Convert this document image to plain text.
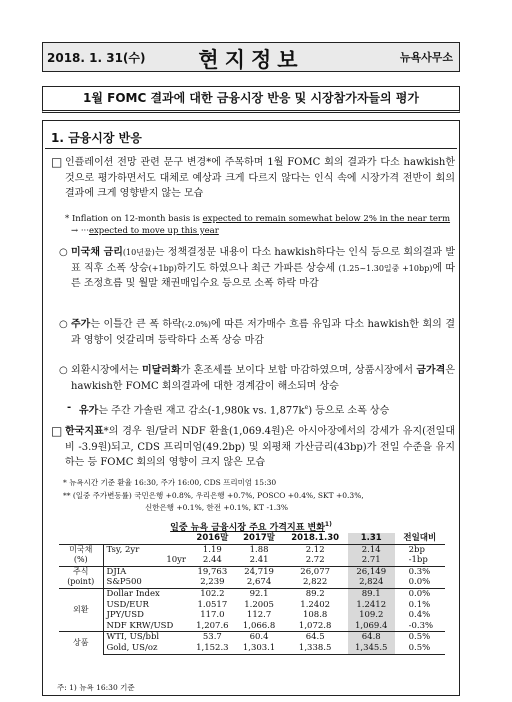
2018. 1. 31(수)	현지정보	뉴욕사무소
1월 FOMC 결과에 대한 금융시장 반응 및 시장참가자들의 평가
1. 금융시장 반응
□ 인플레이션 전망 관련 문구 변경*에 주목하며 1월 FOMC 회의 결과가 다소 hawkish한 것으로 평가하면서도 대체로 예상과 크게 다르지 않다는 인식 속에 시장가격 전반이 회의결과에 크게 영향받지 않는 모습
* Inflation on 12-month basis is expected to remain somewhat below 2% in the near term
→ ···expected to move up this year
○ 미국채 금리(10년물)는 정책결정문 내용이 다소 hawkish하다는 인식 등으로 회의결과 발표 직후 소폭 상승(+1bp)하기도 하였으나 최근 가파른 상승세 (1.25~1.30일중 +10bp)에 따른 조정흐름 및 월말 채권매입수요 등으로 소폭 하락 마감
○ 주가는 이틀간 큰 폭 하락(-2.0%)에 따른 저가매수 흐름 유입과 다소 hawkish한 회의 결과 영향이 엇갈리며 등락하다 소폭 상승 마감
○ 외환시장에서는 미달러화가 혼조세를 보이다 보합 마감하였으며, 상품시장에서 금가격은 hawkish한 FOMC 회의결과에 대한 경계감이 해소되며 상승
- 유가는 주간 가솔린 재고 감소(-1,980k vs. $1,877k^e$) 등으로 소폭 상승
□ 한국지표*의 경우 원/달러 NDF 환율(1,069.4원)은 아시아장에서의 강세가 유지(전일대비 -3.9원)되고, CDS 프리미엄(49.2bp) 및 외평채 가산금리(43bp)가 전일 수준을 유지하는 등 FOMC 회의의 영향이 크지 않은 모습
* 뉴욕시간 기준 환율 16:30, 주가 16:00, CDS 프리미엄 15:30
** (일중 주가변동률) 국민은행 +0.8%, 우리은행 +0.7%, POSCO +0.4%, SKT +0.3%,
신한은행 +0.1%, 한전 +0.1%, KT -1.3%
일중 뉴욕 금융시장 주요 가격지표 변화$^{1)}$
		2016말	2017말	2018.1.30	1.31	전일대비

미국채
(%)	Tsy, 2yr	1.19	1.88	2.12	2.14	2bp
	10yr	2.44	2.41	2.72	2.71	-1bp

주식
(point)	DJIA	19,763	24,719	26,077	26,149	0.3%
	S&P500	2,239	2,674	2,822	2,824	0.0%

외환	Dollar Index	102.2	92.1	89.2	89.1	0.0%
	USD/EUR	1.0517	1.2005	1.2402	1.2412	0.1%
	JPY/USD	117.0	112.7	108.8	109.2	0.4%
	NDF KRW/USD	1,207.6	1,066.8	1,072.8	1,069.4	-0.3%

상품	WTI, US/bbl	53.7	60.4	64.5	64.8	0.5%
	Gold, US/oz	1,152.3	1,303.1	1,338.5	1,345.5	0.5%
주: 1) 뉴욕 16:30 기준
